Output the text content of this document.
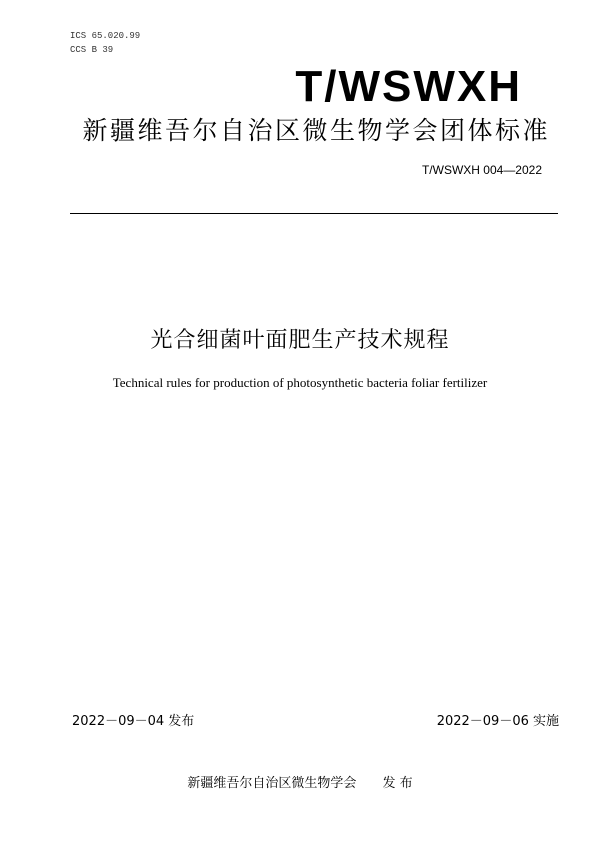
ICS 65.020.99
CCS B 39
T/WSWXH
新疆维吾尔自治区微生物学会团体标准
T/WSWXH 004—2022
光合细菌叶面肥生产技术规程
Technical rules for production of photosynthetic bacteria foliar fertilizer
2022－09－04 发布	2022－09－06 实施
新疆维吾尔自治区微生物学会 发 布
